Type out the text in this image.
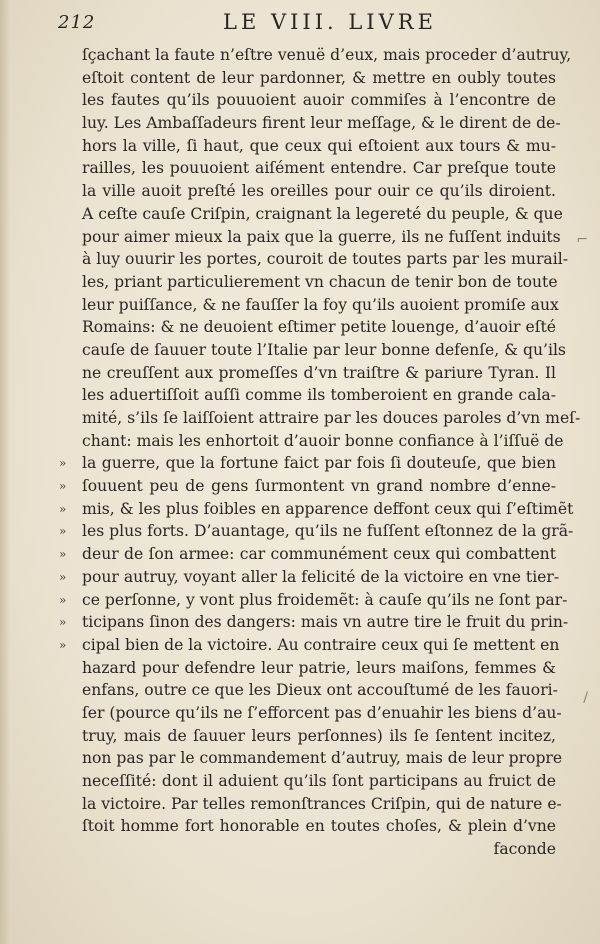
212	LE VIII. LIVRE
ſçachant la faute n’eſtre venuë d’eux, mais proceder d’autruy,
eſtoit content de leur pardonner, & mettre en oubly toutes
les fautes qu’ils pouuoient auoir commiſes à l’encontre de
luy. Les Ambaſſadeurs firent leur meſſage, & le dirent de de-
hors la ville, ſi haut, que ceux qui eſtoient aux tours & mu-
railles, les pouuoient aiſément entendre. Car preſque toute
la ville auoit preſté les oreilles pour ouir ce qu’ils diroient.
A ceſte cauſe Criſpin, craignant la legereté du peuple, & que
pour aimer mieux la paix que la guerre, ils ne fuſſent induits
à luy ouurir les portes, couroit de toutes parts par les murail-
les, priant particulierement vn chacun de tenir bon de toute
leur puiſſance, & ne fauſſer la foy qu’ils auoient promiſe aux
Romains: & ne deuoient eſtimer petite louenge, d’auoir eſté
cauſe de ſauuer toute l’Italie par leur bonne defenſe, & qu’ils
ne creuſſent aux promeſſes d’vn traiſtre & pariure Tyran. Il
les aduertiſſoit auſſi comme ils tomberoient en grande cala-
mité, s’ils ſe laiſſoient attraire par les douces paroles d’vn meſ-
chant: mais les enhortoit d’auoir bonne confiance à l’iſſuë de
» la guerre, que la fortune faict par fois ſi douteuſe, que bien
» ſouuent peu de gens ſurmontent vn grand nombre d’enne-
» mis, & les plus foibles en apparence deffont ceux qui ſ’eſtimẽt
» les plus forts. D’auantage, qu’ils ne fuſſent eſtonnez de la grã-
» deur de ſon armee: car communément ceux qui combattent
» pour autruy, voyant aller la felicité de la victoire en vne tier-
» ce perſonne, y vont plus froidemẽt: à cauſe qu’ils ne ſont par-
» ticipans ſinon des dangers: mais vn autre tire le fruit du prin-
» cipal bien de la victoire. Au contraire ceux qui ſe mettent en
hazard pour defendre leur patrie, leurs maiſons, femmes &
enfans, outre ce que les Dieux ont accouſtumé de les fauori-
ſer (pource qu’ils ne ſ’efforcent pas d’enuahir les biens d’au-
truy, mais de ſauuer leurs perſonnes) ils ſe ſentent incitez,
non pas par le commandement d’autruy, mais de leur propre
neceſſité: dont il aduient qu’ils ſont participans au fruict de
la victoire. Par telles remonſtrances Criſpin, qui de nature e-
ſtoit homme fort honorable en toutes choſes, & plein d’vne
faconde
⌐
/
